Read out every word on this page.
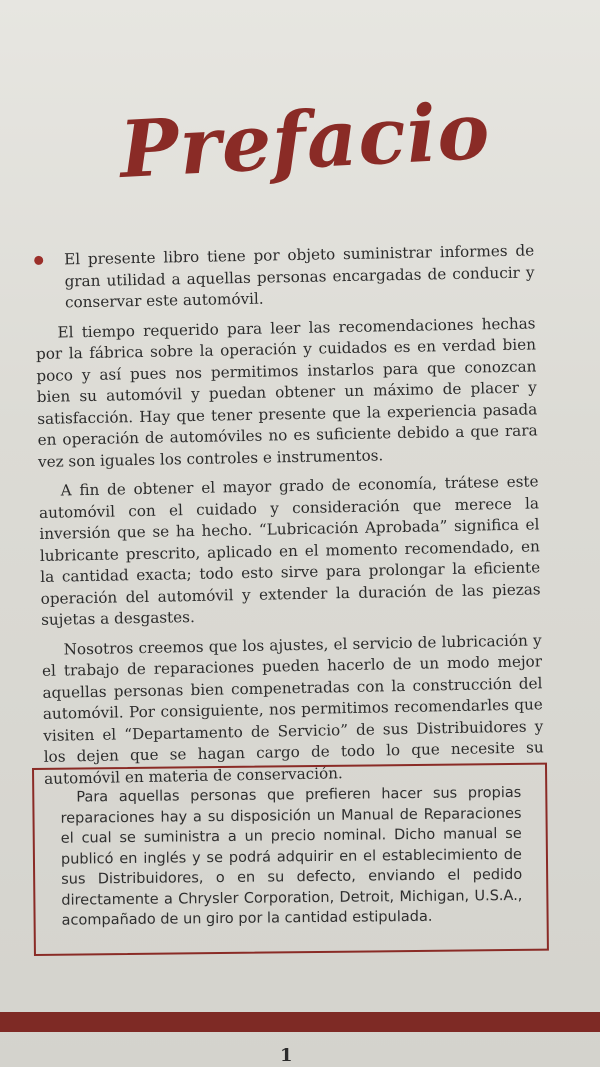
Prefacio

El presente libro tiene por objeto suministrar informes de gran utilidad a aquellas personas encargadas de conducir y conservar este automóvil.

El tiempo requerido para leer las recomendaciones hechas por la fábrica sobre la operación y cuidados es en verdad bien poco y así pues nos permitimos instarlos para que conozcan bien su automóvil y puedan obtener un máximo de placer y satisfacción. Hay que tener presente que la experiencia pasada en operación de automóviles no es suficiente debido a que rara vez son iguales los controles e instrumentos.

A fin de obtener el mayor grado de economía, trátese este automóvil con el cuidado y consideración que merece la inversión que se ha hecho. “Lubricación Aprobada” significa el lubricante prescrito, aplicado en el momento recomendado, en la cantidad exacta; todo esto sirve para prolongar la eficiente operación del automóvil y extender la duración de las piezas sujetas a desgastes.

Nosotros creemos que los ajustes, el servicio de lubricación y el trabajo de reparaciones pueden hacerlo de un modo mejor aquellas personas bien compenetradas con la construcción del automóvil. Por consiguiente, nos permitimos recomendarles que visiten el “Departamento de Servicio” de sus Distribuidores y los dejen que se hagan cargo de todo lo que necesite su automóvil en materia de conservación.

Para aquellas personas que prefieren hacer sus propias reparaciones hay a su disposición un Manual de Reparaciones el cual se suministra a un precio nominal. Dicho manual se publicó en inglés y se podrá adquirir en el establecimiento de sus Distribuidores, o en su defecto, enviando el pedido directamente a Chrysler Corporation, Detroit, Michigan, U.S.A., acompañado de un giro por la cantidad estipulada.
1
